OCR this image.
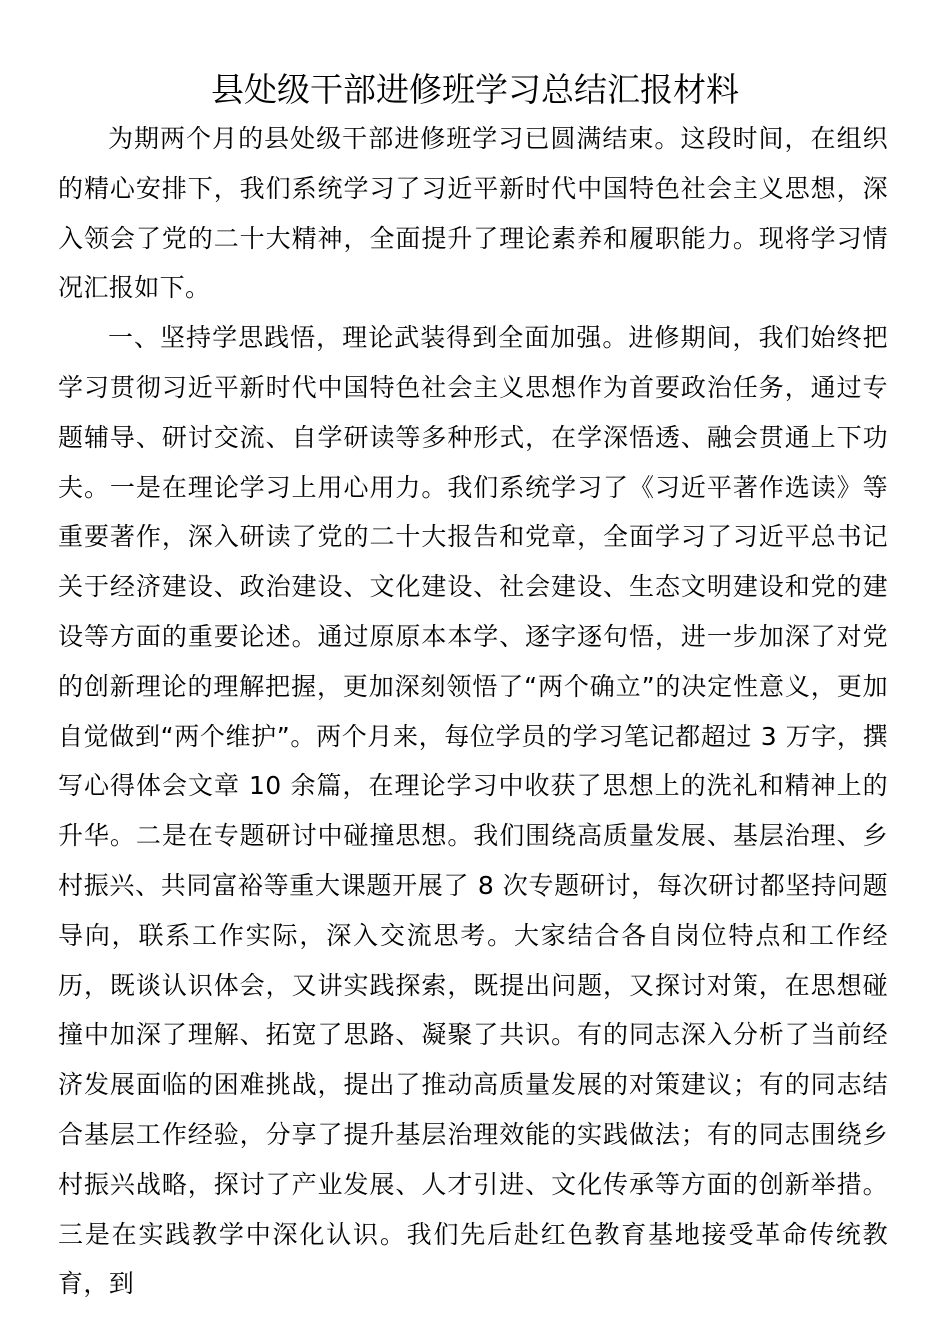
县处级干部进修班学习总结汇报材料

为期两个月的县处级干部进修班学习已圆满结束。这段时间，在组织的精心安排下，我们系统学习了习近平新时代中国特色社会主义思想，深入领会了党的二十大精神，全面提升了理论素养和履职能力。现将学习情况汇报如下。

一、坚持学思践悟，理论武装得到全面加强。进修期间，我们始终把学习贯彻习近平新时代中国特色社会主义思想作为首要政治任务，通过专题辅导、研讨交流、自学研读等多种形式，在学深悟透、融会贯通上下功夫。一是在理论学习上用心用力。我们系统学习了《习近平著作选读》等重要著作，深入研读了党的二十大报告和党章，全面学习了习近平总书记关于经济建设、政治建设、文化建设、社会建设、生态文明建设和党的建设等方面的重要论述。通过原原本本学、逐字逐句悟，进一步加深了对党的创新理论的理解把握，更加深刻领悟了“两个确立”的决定性意义，更加自觉做到“两个维护”。两个月来，每位学员的学习笔记都超过 3 万字，撰写心得体会文章 10 余篇，在理论学习中收获了思想上的洗礼和精神上的升华。二是在专题研讨中碰撞思想。我们围绕高质量发展、基层治理、乡村振兴、共同富裕等重大课题开展了 8 次专题研讨，每次研讨都坚持问题导向，联系工作实际，深入交流思考。大家结合各自岗位特点和工作经历，既谈认识体会，又讲实践探索，既提出问题，又探讨对策，在思想碰撞中加深了理解、拓宽了思路、凝聚了共识。有的同志深入分析了当前经济发展面临的困难挑战，提出了推动高质量发展的对策建议；有的同志结合基层工作经验，分享了提升基层治理效能的实践做法；有的同志围绕乡村振兴战略，探讨了产业发展、人才引进、文化传承等方面的创新举措。三是在实践教学中深化认识。我们先后赴红色教育基地接受革命传统教育，到
